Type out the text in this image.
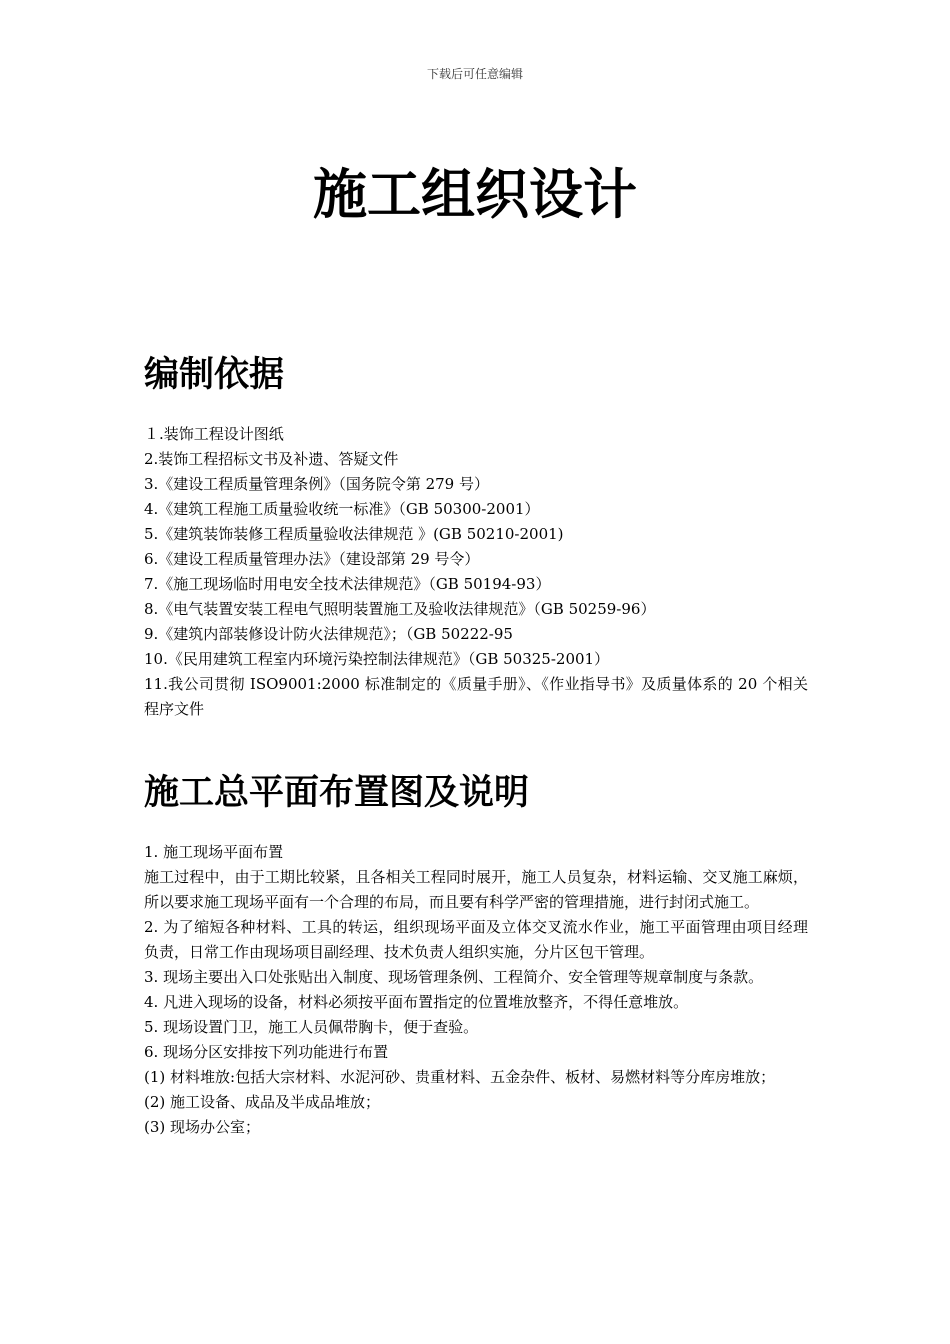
下载后可任意编辑
施工组织设计
编制依据
１.装饰工程设计图纸
2.装饰工程招标文书及补遗、答疑文件
3.《建设工程质量管理条例》（国务院令第 279 号）
4.《建筑工程施工质量验收统一标准》（GB 50300-2001）
5.《建筑装饰装修工程质量验收法律规范 》(GB 50210-2001)
6.《建设工程质量管理办法》（建设部第 29 号令）
7.《施工现场临时用电安全技术法律规范》（GB 50194-93）
8.《电气装置安装工程电气照明装置施工及验收法律规范》（GB 50259-96）
9.《建筑内部装修设计防火法律规范》；（GB 50222-95
10.《民用建筑工程室内环境污染控制法律规范》（GB 50325-2001）
11.我公司贯彻 ISO9001:2000 标准制定的《质量手册》、《作业指导书》及质量体系的 20 个相关程序文件
施工总平面布置图及说明
1. 施工现场平面布置
施工过程中，由于工期比较紧，且各相关工程同时展开，施工人员复杂，材料运输、交叉施工麻烦，所以要求施工现场平面有一个合理的布局，而且要有科学严密的管理措施，进行封闭式施工。
2. 为了缩短各种材料、工具的转运，组织现场平面及立体交叉流水作业，施工平面管理由项目经理负责，日常工作由现场项目副经理、技术负责人组织实施，分片区包干管理。
3. 现场主要出入口处张贴出入制度、现场管理条例、工程简介、安全管理等规章制度与条款。
4. 凡进入现场的设备，材料必须按平面布置指定的位置堆放整齐，不得任意堆放。
5. 现场设置门卫，施工人员佩带胸卡，便于查验。
6. 现场分区安排按下列功能进行布置
(1) 材料堆放:包括大宗材料、水泥河砂、贵重材料、五金杂件、板材、易燃材料等分库房堆放；
(2) 施工设备、成品及半成品堆放；
(3) 现场办公室；
